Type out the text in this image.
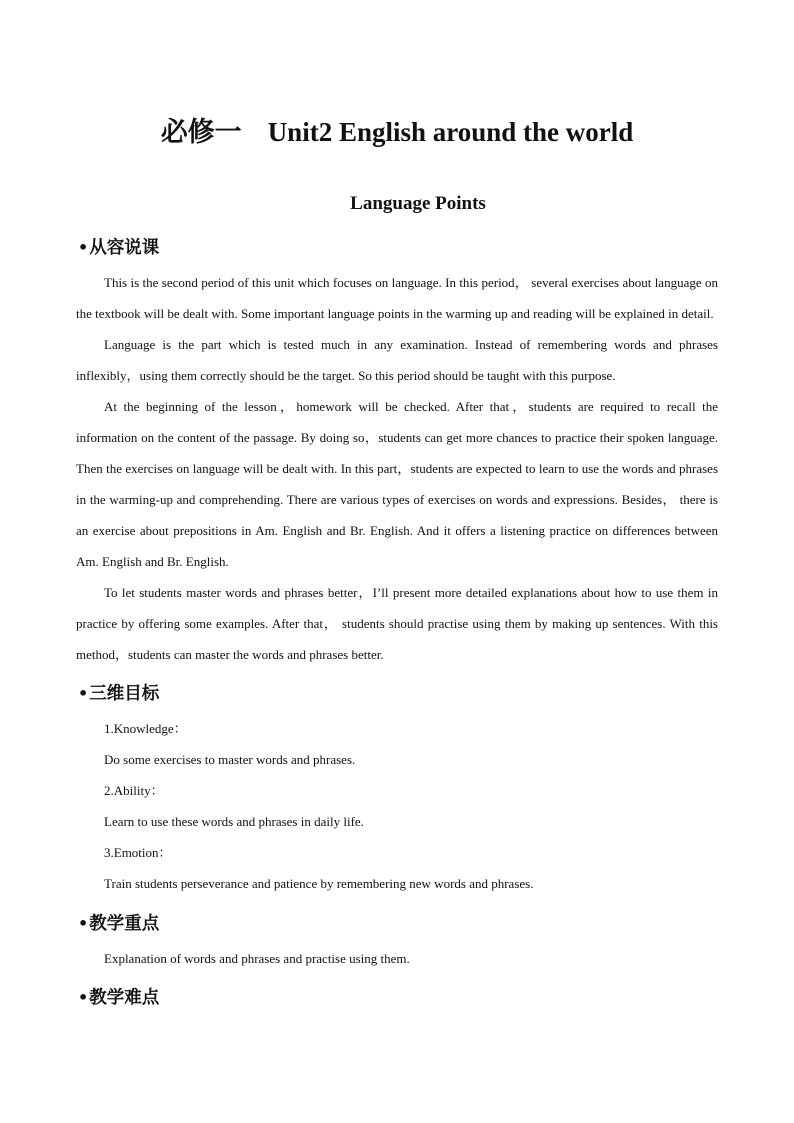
必修一 Unit2 English around the world
Language Points
•从容说课

This is the second period of this unit which focuses on language. In this period， several exercises about language on the textbook will be dealt with. Some important language points in the warming up and reading will be explained in detail.

Language is the part which is tested much in any examination. Instead of remembering words and phrases inflexibly，using them correctly should be the target. So this period should be taught with this purpose.

At the beginning of the lesson，homework will be checked. After that，students are required to recall the information on the content of the passage. By doing so，students can get more chances to practice their spoken language. Then the exercises on language will be dealt with. In this part，students are expected to learn to use the words and phrases in the warming-up and comprehending. There are various types of exercises on words and expressions. Besides， there is an exercise about prepositions in Am. English and Br. English. And it offers a listening practice on differences between Am. English and Br. English.

To let students master words and phrases better，I’ll present more detailed explanations about how to use them in practice by offering some examples. After that， students should practise using them by making up sentences. With this method，students can master the words and phrases better.

•三维目标

1.Knowledge：

Do some exercises to master words and phrases.

2.Ability：

Learn to use these words and phrases in daily life.

3.Emotion：

Train students perseverance and patience by remembering new words and phrases.

•教学重点

Explanation of words and phrases and practise using them.

•教学难点
